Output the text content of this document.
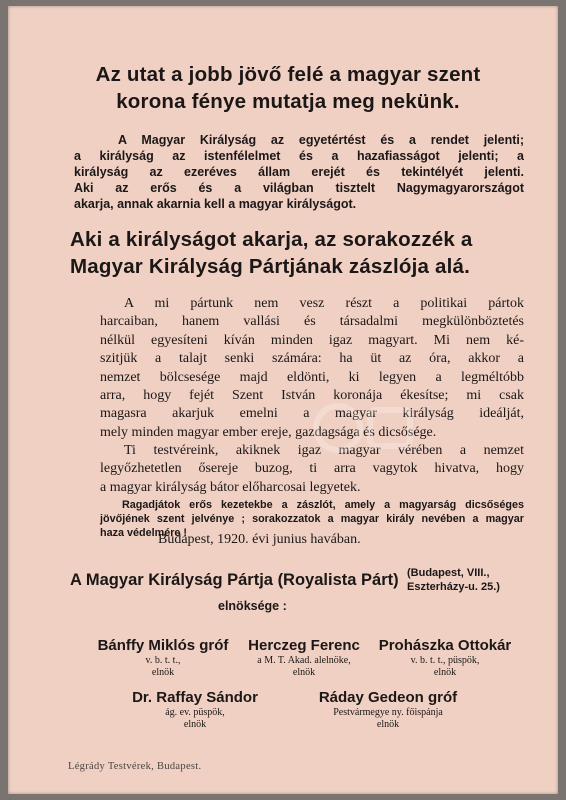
Az utat a jobb jövő felé a magyar szent
korona fénye mutatja meg nekünk.
A Magyar Királyság az egyetértést és a rendet jelenti;
a királyság az istenfélelmet és a hazafiasságot jelenti; a
királyság az ezeréves állam erejét és tekintélyét jelenti.
Aki az erős és a világban tisztelt Nagymagyarországot
akarja, annak akarnia kell a magyar királyságot.
Aki a királyságot akarja, az sorakozzék a
Magyar Királyság Pártjának zászlója alá.
A mi pártunk nem vesz részt a politikai pártok
harcaiban, hanem vallási és társadalmi megkülönböztetés
nélkül egyesíteni kíván minden igaz magyart. Mi nem ké-
szitjük a talajt senki számára: ha üt az óra, akkor a
nemzet bölcsesége majd eldönti, ki legyen a legméltóbb
arra, hogy fejét Szent István koronája ékesítse; mi csak
magasra akarjuk emelni a magyar királyság ideálját,
mely minden magyar ember ereje, gazdagsága és dicsősége.
Ti testvéreink, akiknek igaz magyar vérében a nemzet
legyőzhetetlen ősereje buzog, ti arra vagytok hivatva, hogy
a magyar királyság bátor előharcosai legyetek.
Ragadjátok erős kezetekbe a zászlót, amely a magyarság dicsőséges
jövőjének szent jelvénye ; sorakozzatok a magyar király nevében a magyar
haza védelmére !
Budapest, 1920. évi junius havában.
A Magyar Királyság Pártja (Royalista Párt) (Budapest, VIII.,
Eszterházy-u. 25.)
elnöksége :
Bánffy Miklós gróf
v. b. t. t.,
elnök
Herczeg Ferenc
a M. T. Akad. alelnöke,
elnök
Prohászka Ottokár
v. b. t. t., püspök,
elnök
Dr. Raffay Sándor
ág. ev. püspök,
elnök
Ráday Gedeon gróf
Pestvármegye ny. főispánja
elnök
Légrády Testvérek, Budapest.
